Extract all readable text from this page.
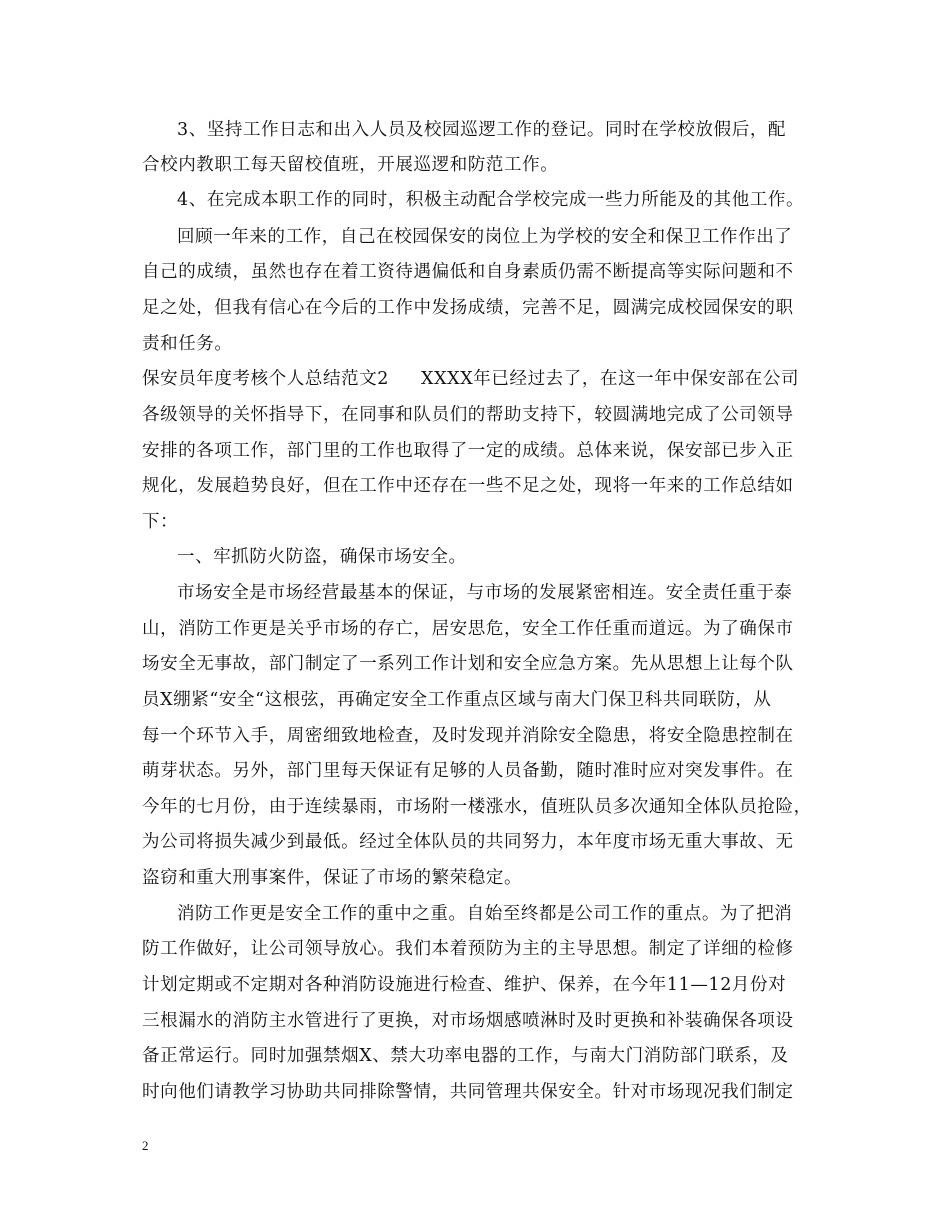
3、坚持工作日志和出入人员及校园巡逻工作的登记。同时在学校放假后，配
合校内教职工每天留校值班，开展巡逻和防范工作。
4、在完成本职工作的同时，积极主动配合学校完成一些力所能及的其他工作。
回顾一年来的工作，自己在校园保安的岗位上为学校的安全和保卫工作作出了
自己的成绩，虽然也存在着工资待遇偏低和自身素质仍需不断提高等实际问题和不
足之处，但我有信心在今后的工作中发扬成绩，完善不足，圆满完成校园保安的职
责和任务。
保安员年度考核个人总结范文2 XXXX年已经过去了，在这一年中保安部在公司
各级领导的关怀指导下，在同事和队员们的帮助支持下，较圆满地完成了公司领导
安排的各项工作，部门里的工作也取得了一定的成绩。总体来说，保安部已步入正
规化，发展趋势良好，但在工作中还存在一些不足之处，现将一年来的工作总结如
下：
一、牢抓防火防盗，确保市场安全。
市场安全是市场经营最基本的保证，与市场的发展紧密相连。安全责任重于泰
山，消防工作更是关乎市场的存亡，居安思危，安全工作任重而道远。为了确保市
场安全无事故，部门制定了一系列工作计划和安全应急方案。先从思想上让每个队
员X绷紧“安全“这根弦，再确定安全工作重点区域与南大门保卫科共同联防，从
每一个环节入手，周密细致地检查，及时发现并消除安全隐患，将安全隐患控制在
萌芽状态。另外，部门里每天保证有足够的人员备勤，随时准时应对突发事件。在
今年的七月份，由于连续暴雨，市场附一楼涨水，值班队员多次通知全体队员抢险，
为公司将损失减少到最低。经过全体队员的共同努力，本年度市场无重大事故、无
盗窃和重大刑事案件，保证了市场的繁荣稳定。
消防工作更是安全工作的重中之重。自始至终都是公司工作的重点。为了把消
防工作做好，让公司领导放心。我们本着预防为主的主导思想。制定了详细的检修
计划定期或不定期对各种消防设施进行检查、维护、保养，在今年11—12月份对
三根漏水的消防主水管进行了更换，对市场烟感喷淋时及时更换和补装确保各项设
备正常运行。同时加强禁烟X、禁大功率电器的工作，与南大门消防部门联系，及
时向他们请教学习协助共同排除警情，共同管理共保安全。针对市场现况我们制定
2
